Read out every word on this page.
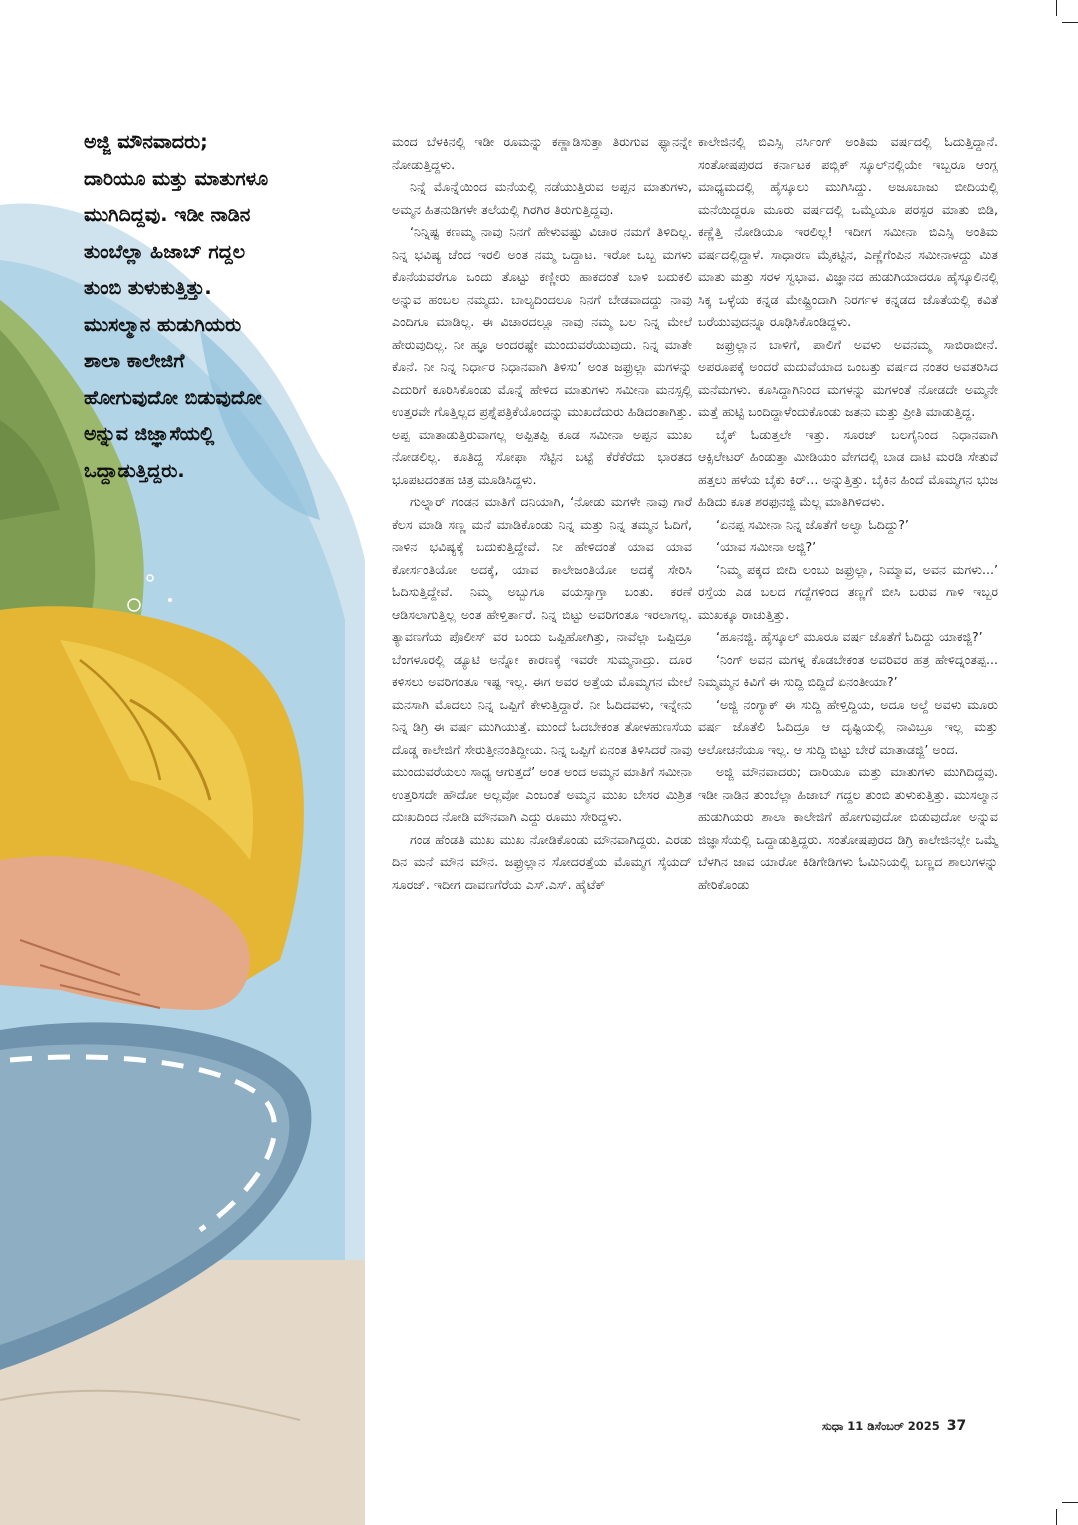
ಅಜ್ಜಿ ಮೌನವಾದರು;
ದಾರಿಯೂ ಮತ್ತು ಮಾತುಗಳೂ
ಮುಗಿದಿದ್ದವು. ಇಡೀ ನಾಡಿನ
ತುಂಬೆಲ್ಲಾ ಹಿಜಾಬ್ ಗದ್ದಲ
ತುಂಬಿ ತುಳುಕುತ್ತಿತ್ತು.
ಮುಸಲ್ಮಾನ ಹುಡುಗಿಯರು
ಶಾಲಾ ಕಾಲೇಜಿಗೆ
ಹೋಗುವುದೋ ಬಿಡುವುದೋ
ಅನ್ನುವ ಜಿಜ್ಞಾಸೆಯಲ್ಲಿ
ಒದ್ದಾಡುತ್ತಿದ್ದರು.

ಮಂದ ಬೆಳಕಿನಲ್ಲಿ ಇಡೀ ರೂಮನ್ನು ಕಣ್ಣಾಡಿಸುತ್ತಾ ತಿರುಗುವ ಫ್ಯಾನನ್ನೇ ನೋಡುತ್ತಿದ್ದಳು.

ನಿನ್ನೆ ಮೊನ್ನೆಯಿಂದ ಮನೆಯಲ್ಲಿ ನಡೆಯುತ್ತಿರುವ ಅಪ್ಪನ ಮಾತುಗಳು, ಅಮ್ಮನ ಹಿತನುಡಿಗಳೇ ತಲೆಯಲ್ಲಿ ಗಿರಗಿರ ತಿರುಗುತ್ತಿದ್ದವು.

‘ನಿನ್ನಿಷ್ಟ ಕಣಮ್ಮ ನಾವು ನಿನಗೆ ಹೇಳುವಷ್ಟು ವಿಚಾರ ನಮಗೆ ತಿಳಿದಿಲ್ಲ. ನಿನ್ನ ಭವಿಷ್ಯ ಚೆಂದ ಇರಲಿ ಅಂತ ನಮ್ಮ ಒದ್ದಾಟ. ಇರೋ ಒಬ್ಬ ಮಗಳು ಕೊನೆಯವರೆಗೂ ಒಂದು ತೊಟ್ಟು ಕಣ್ಣೀರು ಹಾಕದಂತೆ ಬಾಳಿ ಬದುಕಲಿ ಅನ್ನುವ ಹಂಬಲ ನಮ್ಮದು. ಬಾಲ್ಯದಿಂದಲೂ ನಿನಗೆ ಬೇಡವಾದದ್ದು ನಾವು ಎಂದಿಗೂ ಮಾಡಿಲ್ಲ. ಈ ವಿಚಾರದಲ್ಲೂ ನಾವು ನಮ್ಮ ಬಲ ನಿನ್ನ ಮೇಲೆ ಹೇರುವುದಿಲ್ಲ. ನೀ ಹ್ಞೂ ಅಂದರಷ್ಟೇ ಮುಂದುವರೆಯುವುದು. ನಿನ್ನ ಮಾತೇ ಕೊನೆ. ನೀ ನಿನ್ನ ನಿರ್ಧಾರ ನಿಧಾನವಾಗಿ ತಿಳಿಸು’ ಅಂತ ಜಫ್ರುಲ್ಲಾ ಮಗಳನ್ನು ಎದುರಿಗೆ ಕೂರಿಸಿಕೊಂಡು ಮೊನ್ನೆ ಹೇಳಿದ ಮಾತುಗಳು ಸಮೀನಾ ಮನಸ್ಸಲ್ಲಿ ಉತ್ತರವೇ ಗೊತ್ತಿಲ್ಲದ ಪ್ರಶ್ನೆಪತ್ರಿಕೆಯೊಂದನ್ನು ಮುಖದೆದುರು ಹಿಡಿದಂತಾಗಿತ್ತು. ಅಪ್ಪ ಮಾತಾಡುತ್ತಿರುವಾಗಲ್ಲ ಅಪ್ಪಿತಪ್ಪಿ ಕೂಡ ಸಮೀನಾ ಅಪ್ಪನ ಮುಖ ನೋಡಲಿಲ್ಲ. ಕೂತಿದ್ದ ಸೋಫಾ ಸೆಟ್ಟಿನ ಬಟ್ಟೆ ಕೆರೆಕೆರೆದು ಭಾರತದ ಭೂಪಟದಂತಹ ಚಿತ್ರ ಮೂಡಿಸಿದ್ದಳು.

ಗುಲ್ನಾರ್ ಗಂಡನ ಮಾತಿಗೆ ದನಿಯಾಗಿ, ‘ನೋಡು ಮಗಳೇ ನಾವು ಗಾರೆ ಕೆಲಸ ಮಾಡಿ ಸಣ್ಣ ಮನೆ ಮಾಡಿಕೊಂಡು ನಿನ್ನ ಮತ್ತು ನಿನ್ನ ತಮ್ಮನ ಓದಿಗೆ, ನಾಳಿನ ಭವಿಷ್ಯಕ್ಕೆ ಬದುಕುತ್ತಿದ್ದೇವೆ. ನೀ ಹೇಳಿದಂತೆ ಯಾವ ಯಾವ ಕೋರ್ಸಂತಿಯೋ ಅದಕ್ಕೆ, ಯಾವ ಕಾಲೇಜಂತಿಯೋ ಅದಕ್ಕೆ ಸೇರಿಸಿ ಓದಿಸುತ್ತಿದ್ದೇವೆ. ನಿಮ್ಮ ಅಬ್ಬುಗೂ ವಯಸ್ಸಾಗ್ತಾ ಬಂತು. ಕರಣೆ ಆಡಿಸಲಾಗುತ್ತಿಲ್ಲ ಅಂತ ಹೇಳ್ತಿರ್ತಾರೆ. ನಿನ್ನ ಬಿಟ್ಟು ಅವರಿಗಂತೂ ಇರಲಾಗಲ್ಲ. ತ್ಯಾವಣಗೆಯ ಪೊಲೀಸ್ ವರ ಬಂದು ಒಪ್ಪಿಹೋಗಿತ್ತು, ನಾವೆಲ್ಲಾ ಒಪ್ಪಿದ್ರೂ ಬೆಂಗಳೂರಲ್ಲಿ ಡ್ಯೂಟಿ ಅನ್ನೋ ಕಾರಣಕ್ಕೆ ಇವರೇ ಸುಮ್ಮನಾದ್ರು. ದೂರ ಕಳಿಸಲು ಅವರಿಗಂತೂ ಇಷ್ಟ ಇಲ್ಲ. ಈಗ ಅವರ ಅತ್ತೆಯ ಮೊಮ್ಮಗನ ಮೇಲೆ ಮನಸಾಗಿ ಮೊದಲು ನಿನ್ನ ಒಪ್ಪಿಗೆ ಕೇಳುತ್ತಿದ್ದಾರೆ. ನೀ ಓದಿದವಳು, ಇನ್ನೇನು ನಿನ್ನ ಡಿಗ್ರಿ ಈ ವರ್ಷ ಮುಗಿಯುತ್ತೆ. ಮುಂದೆ ಓದಬೇಕಂತ ತೋಳಹುಣಸೆಯ ದೊಡ್ಡ ಕಾಲೇಜಿಗೆ ಸೇರುತ್ತೀನಂತಿದ್ದೀಯ. ನಿನ್ನ ಒಪ್ಪಿಗೆ ಏನಂತ ತಿಳಿಸಿದರೆ ನಾವು ಮುಂದುವರೆಯಲು ಸಾಧ್ಯ ಆಗುತ್ತದೆ’ ಅಂತ ಅಂದ ಅಮ್ಮನ ಮಾತಿಗೆ ಸಮೀನಾ ಉತ್ತರಿಸದೇ ಹೌದೋ ಅಲ್ಲವೋ ಎಂಬಂತೆ ಅಮ್ಮನ ಮುಖ ಬೇಸರ ಮಿಶ್ರಿತ ದುಃಖದಿಂದ ನೋಡಿ ಮೌನವಾಗಿ ಎದ್ದು ರೂಮು ಸೇರಿದ್ದಳು.

ಗಂಡ ಹೆಂಡತಿ ಮುಖ ಮುಖ ನೋಡಿಕೊಂಡು ಮೌನವಾಗಿದ್ದರು. ಎರಡು ದಿನ ಮನೆ ಮೌನ ಮೌನ. ಜಫ್ರುಲ್ಲಾನ ಸೋದರತ್ತೆಯ ಮೊಮ್ಮಗ ಸೈಯದ್ ಸೂರಜ್. ಇದೀಗ ದಾವಣಗೆರೆಯ ಎಸ್.ಎಸ್. ಹೈಟೆಕ್

ಕಾಲೇಜಿನಲ್ಲಿ ಬಿಎಸ್ಸಿ ನರ್ಸಿಂಗ್ ಅಂತಿಮ ವರ್ಷದಲ್ಲಿ ಓದುತ್ತಿದ್ದಾನೆ. ಸಂತೋಷಪುರದ ಕರ್ನಾಟಕ ಪಬ್ಲಿಕ್ ಸ್ಕೂಲ್‌ನಲ್ಲಿಯೇ ಇಬ್ಬರೂ ಆಂಗ್ಲ ಮಾಧ್ಯಮದಲ್ಲಿ ಹೈಸ್ಕೂಲು ಮುಗಿಸಿದ್ದು. ಅಜೂಬಾಜು ಬೀದಿಯಲ್ಲಿ ಮನೆಯಿದ್ದರೂ ಮೂರು ವರ್ಷದಲ್ಲಿ ಒಮ್ಮೆಯೂ ಪರಸ್ಪರ ಮಾತು ಬಿಡಿ, ಕಣ್ಣೆತ್ತಿ ನೋಡಿಯೂ ಇರಲಿಲ್ಲ! ಇದೀಗ ಸಮೀನಾ ಬಿಎಸ್ಸಿ ಅಂತಿಮ ವರ್ಷದಲ್ಲಿದ್ದಾಳೆ. ಸಾಧಾರಣ ಮೈಕಟ್ಟಿನ, ಎಣ್ಣೆಗೆಂಪಿನ ಸಮೀನಾಳದ್ದು ಮಿತ ಮಾತು ಮತ್ತು ಸರಳ ಸ್ವಭಾವ. ವಿಜ್ಞಾನದ ಹುಡುಗಿಯಾದರೂ ಹೈಸ್ಕೂಲಿನಲ್ಲಿ ಸಿಕ್ಕ ಒಳ್ಳೆಯ ಕನ್ನಡ ಮೇಷ್ಟ್ರಿಂದಾಗಿ ನಿರರ್ಗಳ ಕನ್ನಡದ ಜೊತೆಯಲ್ಲಿ ಕವಿತೆ ಬರೆಯುವುದನ್ನೂ ರೂಢಿಸಿಕೊಂಡಿದ್ದಳು.

ಜಫ್ರುಲ್ಲಾನ ಬಾಳಿಗೆ, ಪಾಲಿಗೆ ಅವಳು ಅವನಮ್ಮ ಸಾಬಿರಾಬೀನೆ. ಅಪರೂಪಕ್ಕೆ ಅಂದರೆ ಮದುವೆಯಾದ ಒಂಬತ್ತು ವರ್ಷದ ನಂತರ ಅವತರಿಸಿದ ಮನೆಮಗಳು. ಕೂಸಿದ್ದಾಗಿನಿಂದ ಮಗಳನ್ನು ಮಗಳಂತೆ ನೋಡದೇ ಅಮ್ಮನೇ ಮತ್ತೆ ಹುಟ್ಟಿ ಬಂದಿದ್ದಾಳೆಂದುಕೊಂಡು ಜತನು ಮತ್ತು ಪ್ರೀತಿ ಮಾಡುತ್ತಿದ್ದ.

ಬೈಕ್ ಓಡುತ್ತಲೇ ಇತ್ತು. ಸೂರಜ್ ಬಲಗೈನಿಂದ ನಿಧಾನವಾಗಿ ಆಕ್ಸಿಲೇಟರ್ ಹಿಂಡುತ್ತಾ ಮೀಡಿಯಂ ವೇಗದಲ್ಲಿ ಬಾಡ ದಾಟಿ ಮರಡಿ ಸೇತುವೆ ಹತ್ತಲು ಹಳೆಯ ಬೈಕು ಕಿರ್... ಅನ್ನುತ್ತಿತ್ತು. ಬೈಕಿನ ಹಿಂದೆ ಮೊಮ್ಮಗನ ಭುಜ ಹಿಡಿದು ಕೂತ ಶರಫುನಜ್ಜಿ ಮೆಲ್ಲ ಮಾತಿಗಿಳಿದಳು.

‘ಏನಪ್ಪ ಸಮೀನಾ ನಿನ್ನ ಜೊತೆಗೆ ಅಲ್ವಾ ಓದಿದ್ದು?’

‘ಯಾವ ಸಮೀನಾ ಅಜ್ಜಿ?’

‘ನಿಮ್ಮ ಪಕ್ಕದ ಬೀದಿ ಲಂಬು ಜಫ್ರುಲ್ಲಾ, ನಿಮ್ಮಾವ, ಅವನ ಮಗಳು...’ ರಸ್ತೆಯ ಎಡ ಬಲದ ಗದ್ದೆಗಳಿಂದ ತಣ್ಣಗೆ ಬೀಸಿ ಬರುವ ಗಾಳಿ ಇಬ್ಬರ ಮುಖಕ್ಕೂ ರಾಚುತ್ತಿತ್ತು.

‘ಹೂನಜ್ಜಿ. ಹೈಸ್ಕೂಲ್ ಮೂರೂ ವರ್ಷ ಜೊತೆಗೆ ಓದಿದ್ದು ಯಾಕಜ್ಜಿ?’

‘ನಿಂಗ್ ಅವನ ಮಗಳ್ನ ಕೊಡಬೇಕಂತ ಅವರಿವರ ಹತ್ರ ಹೇಳಿದ್ನಂತಪ್ಪ... ನಿಮ್ಮಮ್ಮನ ಕಿವಿಗೆ ಈ ಸುದ್ದಿ ಬಿದ್ದಿದೆ ಏನಂತೀಯಾ?’

‘ಅಜ್ಜಿ ನಂಗ್ಯಾಕ್ ಈ ಸುದ್ದಿ ಹೇಳ್ತಿದ್ದಿಯ, ಅದೂ ಅಲ್ದೆ ಅವಳು ಮೂರು ವರ್ಷ ಜೊತೆಲಿ ಓದಿದ್ರೂ ಆ ದೃಷ್ಟಿಯಲ್ಲಿ ನಾವಿಬ್ರೂ ಇಲ್ಲ ಮತ್ತು ಆಲೋಚನೆಯೂ ಇಲ್ಲ. ಆ ಸುದ್ದಿ ಬಿಟ್ಟು ಬೇರೆ ಮಾತಾಡಜ್ಜಿ’ ಅಂದ.

ಅಜ್ಜಿ ಮೌನವಾದರು; ದಾರಿಯೂ ಮತ್ತು ಮಾತುಗಳು ಮುಗಿದಿದ್ದವು. ಇಡೀ ನಾಡಿನ ತುಂಬೆಲ್ಲಾ ಹಿಜಾಬ್ ಗದ್ದಲ ತುಂಬಿ ತುಳುಕುತ್ತಿತ್ತು. ಮುಸಲ್ಮಾನ ಹುಡುಗಿಯರು ಶಾಲಾ ಕಾಲೇಜಿಗೆ ಹೋಗುವುದೋ ಬಿಡುವುದೋ ಅನ್ನುವ ಜಿಜ್ಞಾಸೆಯಲ್ಲಿ ಒದ್ದಾಡುತ್ತಿದ್ದರು. ಸಂತೋಷಪುರದ ಡಿಗ್ರಿ ಕಾಲೇಜಿನಲ್ಲೇ ಒಮ್ಮೆ ಬೆಳಗಿನ ಜಾವ ಯಾರೋ ಕಿಡಿಗೇಡಿಗಳು ಓಮಿನಿಯಲ್ಲಿ ಬಣ್ಣದ ಶಾಲುಗಳನ್ನು ಹೇರಿಕೊಂಡು

ಸುಧಾ 11 ಡಿಸೆಂಬರ್ 2025 37
